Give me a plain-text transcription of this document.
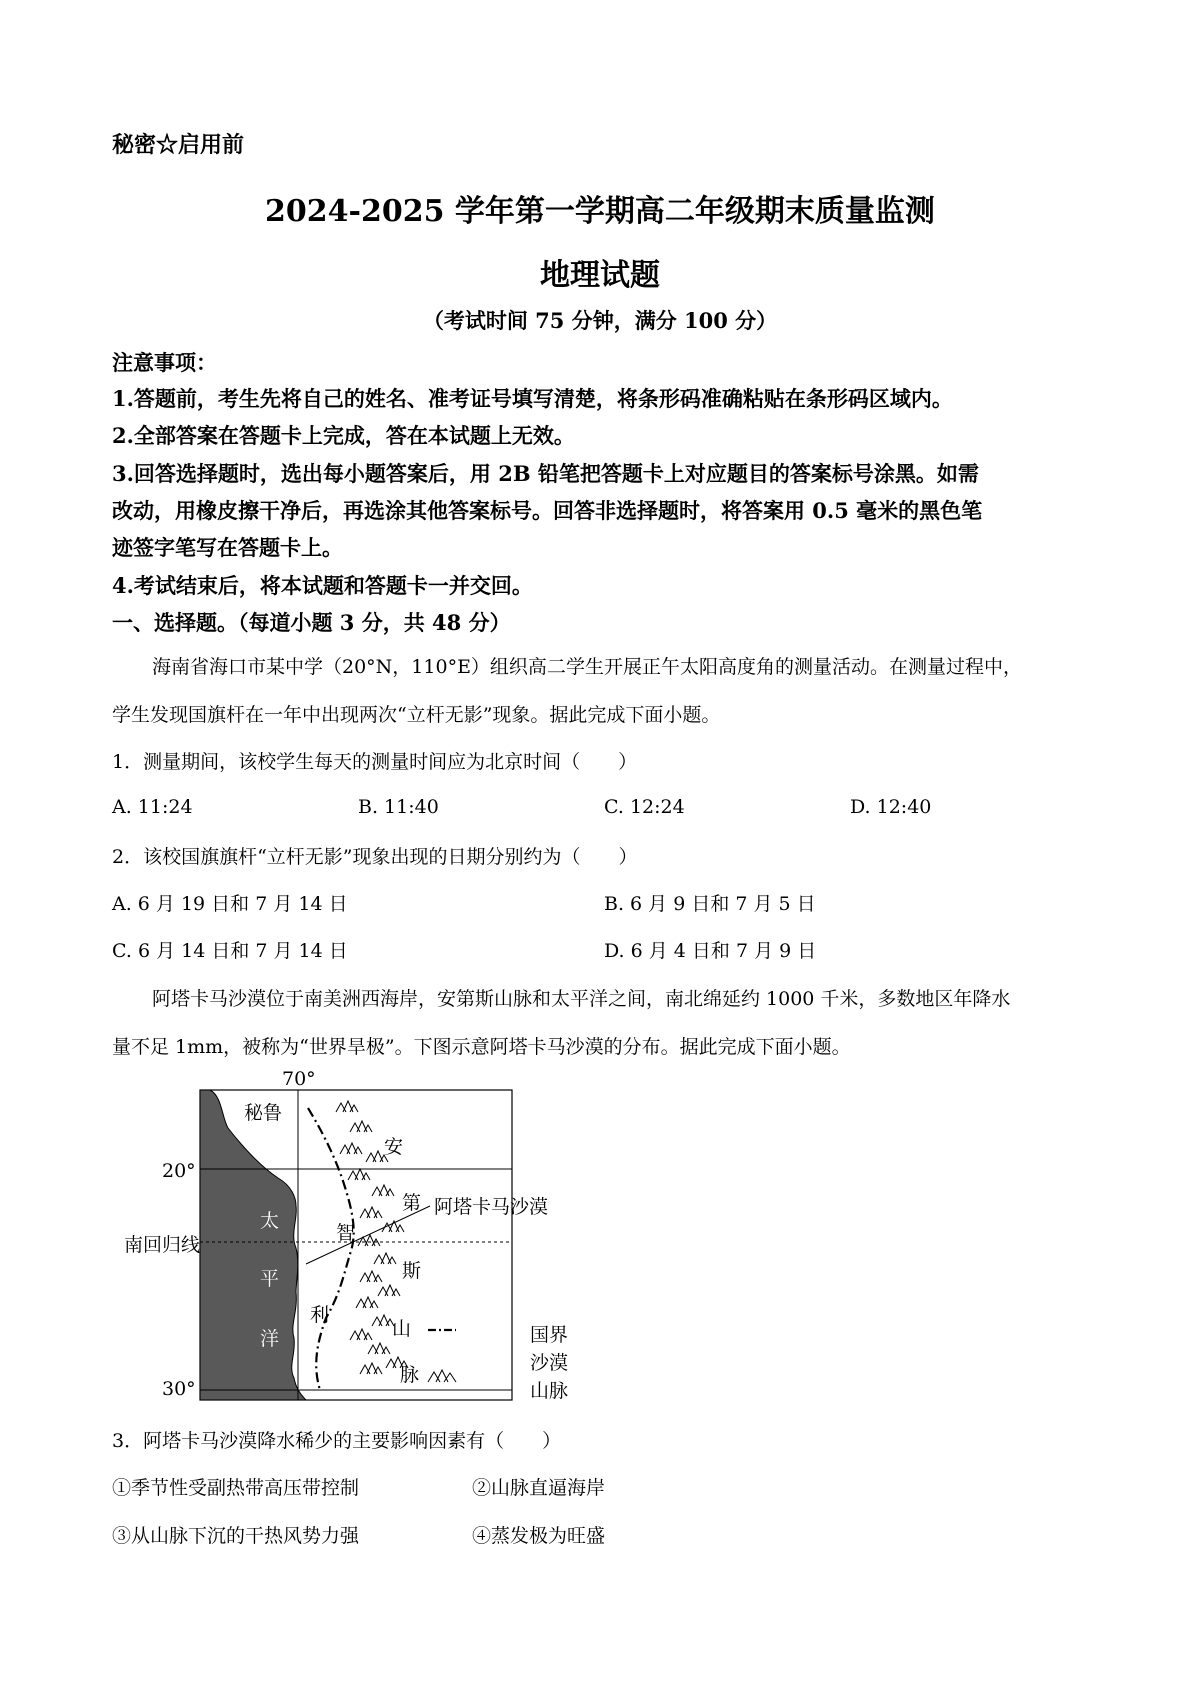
秘密☆启用前
2024-2025 学年第一学期高二年级期末质量监测
地理试题
（考试时间 75 分钟，满分 100 分）
注意事项：
1.答题前，考生先将自己的姓名、准考证号填写清楚，将条形码准确粘贴在条形码区域内。
2.全部答案在答题卡上完成，答在本试题上无效。
3.回答选择题时，选出每小题答案后，用 2B 铅笔把答题卡上对应题目的答案标号涂黑。如需
改动，用橡皮擦干净后，再选涂其他答案标号。回答非选择题时，将答案用 0.5 毫米的黑色笔
迹签字笔写在答题卡上。
4.考试结束后，将本试题和答题卡一并交回。
一、选择题。（每道小题 3 分，共 48 分）
海南省海口市某中学（20°N，110°E）组织高二学生开展正午太阳高度角的测量活动。在测量过程中，
学生发现国旗杆在一年中出现两次“立杆无影”现象。据此完成下面小题。
1．测量期间，该校学生每天的测量时间应为北京时间（　　）
A. 11:24	B. 11:40	C. 12:24	D. 12:40
2．该校国旗旗杆“立杆无影”现象出现的日期分别约为（　　）
A. 6 月 19 日和 7 月 14 日	B. 6 月 9 日和 7 月 5 日
C. 6 月 14 日和 7 月 14 日	D. 6 月 4 日和 7 月 9 日
阿塔卡马沙漠位于南美洲西海岸，安第斯山脉和太平洋之间，南北绵延约 1000 千米，多数地区年降水
量不足 1mm，被称为“世界旱极”。下图示意阿塔卡马沙漠的分布。据此完成下面小题。
70°
20°
30°
南回归线
秘鲁
太
平
洋
智
利
安
第
斯
山
脉
阿塔卡马沙漠
国界
沙漠
山脉
3．阿塔卡马沙漠降水稀少的主要影响因素有（　　）
①季节性受副热带高压带控制	②山脉直逼海岸
③从山脉下沉的干热风势力强	④蒸发极为旺盛
